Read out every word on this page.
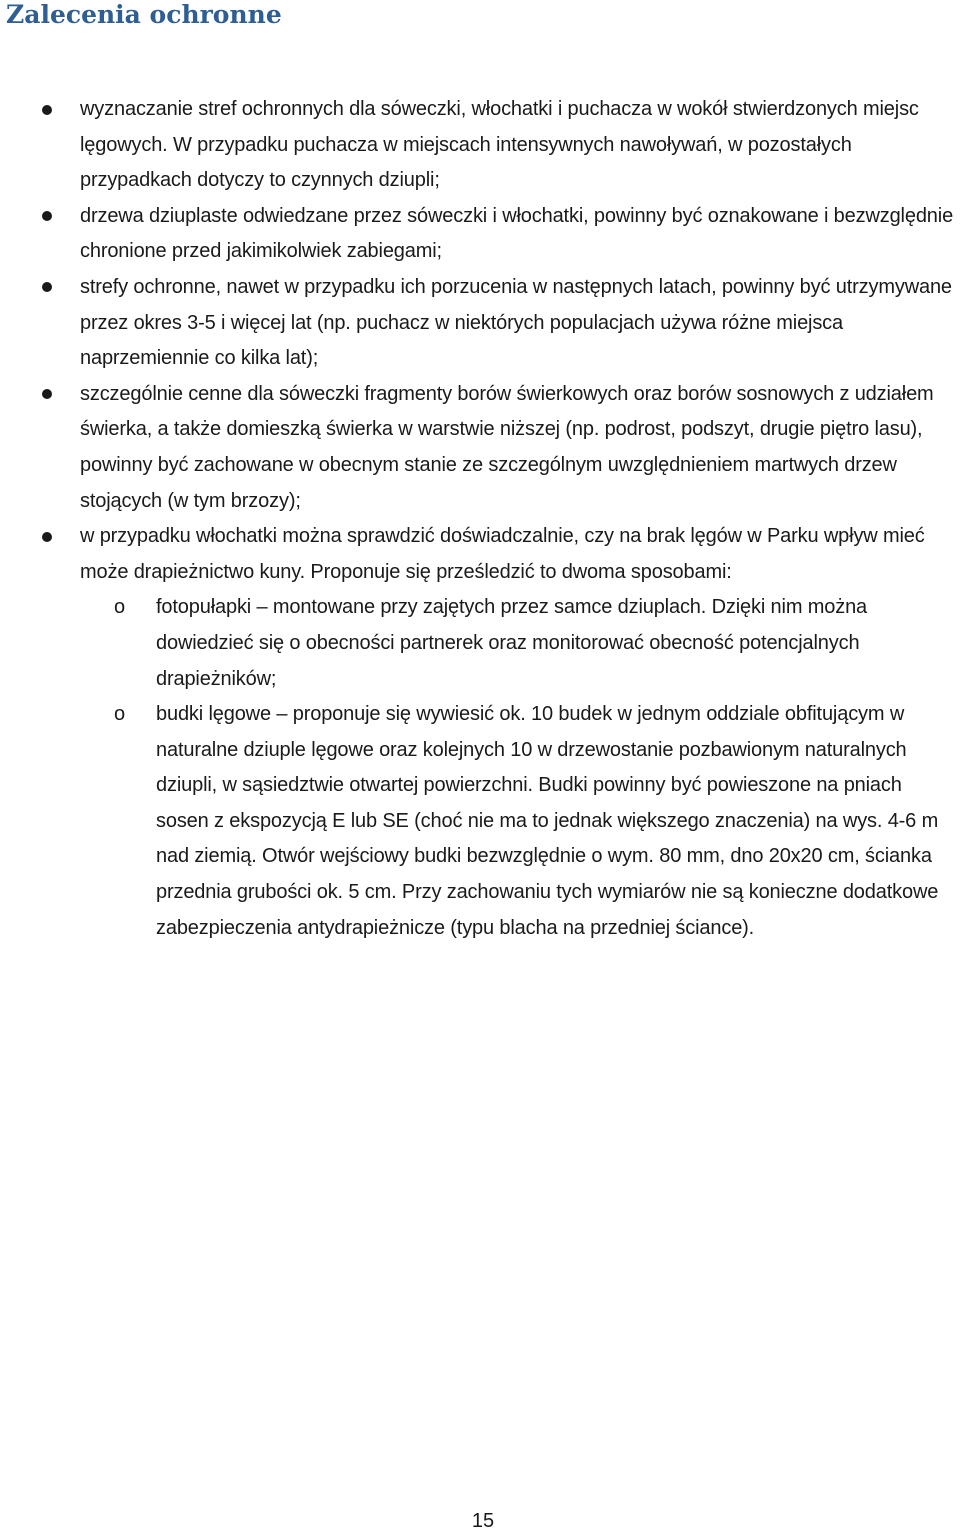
Zalecenia ochronne
wyznaczanie stref ochronnych dla sóweczki, włochatki i puchacza w wokół stwierdzonych miejsc lęgowych. W przypadku puchacza w miejscach intensywnych nawoływań, w pozostałych przypadkach dotyczy to czynnych dziupli;
drzewa dziuplaste odwiedzane przez sóweczki i włochatki, powinny być oznakowane i bezwzględnie chronione przed jakimikolwiek zabiegami;
strefy ochronne, nawet w przypadku ich porzucenia w następnych latach, powinny być utrzymywane przez okres 3-5 i więcej lat (np. puchacz w niektórych populacjach używa różne miejsca naprzemiennie co kilka lat);
szczególnie cenne dla sóweczki fragmenty borów świerkowych oraz borów sosnowych z udziałem świerka, a także domieszką świerka w warstwie niższej (np. podrost, podszyt, drugie piętro lasu), powinny być zachowane w obecnym stanie ze szczególnym uwzględnieniem martwych drzew stojących (w tym brzozy);
w przypadku włochatki można sprawdzić doświadczalnie, czy na brak lęgów w Parku wpływ mieć może drapieżnictwo kuny. Proponuje się prześledzić to dwoma sposobami:
o fotopułapki – montowane przy zajętych przez samce dziuplach. Dzięki nim można dowiedzieć się o obecności partnerek oraz monitorować obecność potencjalnych drapieżników;
o budki lęgowe – proponuje się wywiesić ok. 10 budek w jednym oddziale obfitującym w naturalne dziuple lęgowe oraz kolejnych 10 w drzewostanie pozbawionym naturalnych dziupli, w sąsiedztwie otwartej powierzchni. Budki powinny być powieszone na pniach sosen z ekspozycją E lub SE (choć nie ma to jednak większego znaczenia) na wys. 4-6 m nad ziemią. Otwór wejściowy budki bezwzględnie o wym. 80 mm, dno 20x20 cm, ścianka przednia grubości ok. 5 cm. Przy zachowaniu tych wymiarów nie są konieczne dodatkowe zabezpieczenia antydrapieżnicze (typu blacha na przedniej ściance).
15
